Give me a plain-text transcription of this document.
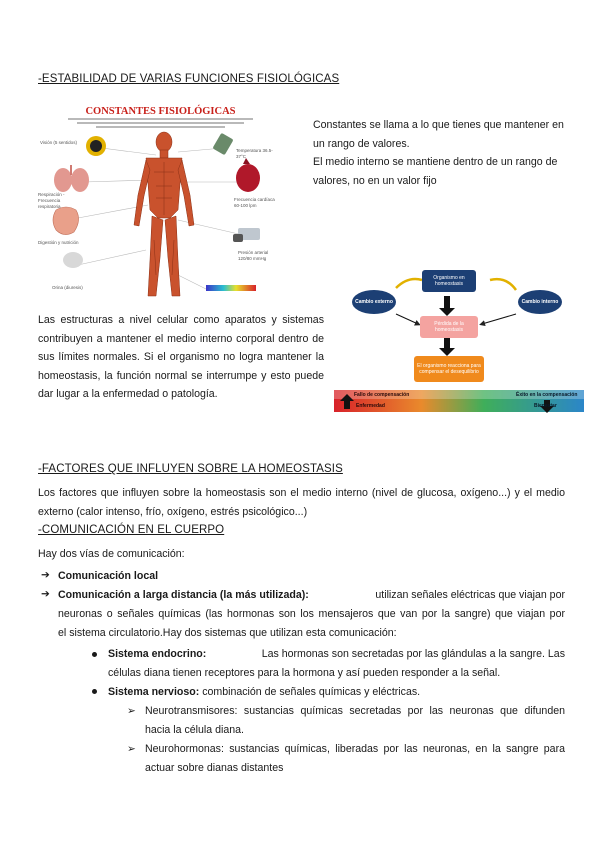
-ESTABILIDAD DE VARIAS FUNCIONES FISIOLÓGICAS
CONSTANTES FISIOLÓGICAS
Visión (5 sentidos)
Respiración - Frecuencia respiratoria
Digestión y nutrición
Orina (diuresis)
Temperatura 36.5-37°C
Frecuencia cardíaca 60-100 lpm
Presión arterial 120/80 mmHg
Constantes se llama a lo que tienes que mantener en un rango de valores.
El medio interno se mantiene dentro de un rango de valores, no en un valor fijo
Organismo en homeostasis
Cambio externo	Cambio interno
Pérdida de la homeostasis
El organismo reacciona para compensar el desequilibrio
Fallo de compensación	Éxito en la compensación
Enfermedad	Bienestar
Las estructuras a nivel celular como aparatos y sistemas contribuyen a mantener el medio interno corporal dentro de sus límites normales. Si el organismo no logra mantener la homeostasis, la función normal se interrumpe y esto puede dar lugar a la enfermedad o patología.
-FACTORES QUE INFLUYEN SOBRE LA HOMEOSTASIS
Los factores que influyen sobre la homeostasis son el medio interno (nivel de glucosa, oxígeno...) y el medio externo (calor intenso, frío, oxígeno, estrés psicológico...)
-COMUNICACIÓN EN EL CUERPO
Hay dos vías de comunicación:
➔ Comunicación local
➔ Comunicación a larga distancia (la más utilizada):	utilizan señales eléctricas que viajan por
neuronas o señales químicas (las hormonas son los mensajeros que van por la sangre) que viajan por
el sistema circulatorio.Hay dos sistemas que utilizan esta comunicación:
Sistema endocrino:	Las hormonas son secretadas por las glándulas a la sangre. Las
células diana tienen receptores para la hormona y así pueden responder a la señal.
Sistema nervioso: combinación de señales químicas y eléctricas.
➢ Neurotransmisores: sustancias químicas secretadas por las neuronas que difunden
hacia la célula diana.
➢ Neurohormonas: sustancias químicas, liberadas por las neuronas, en la sangre para
actuar sobre dianas distantes
